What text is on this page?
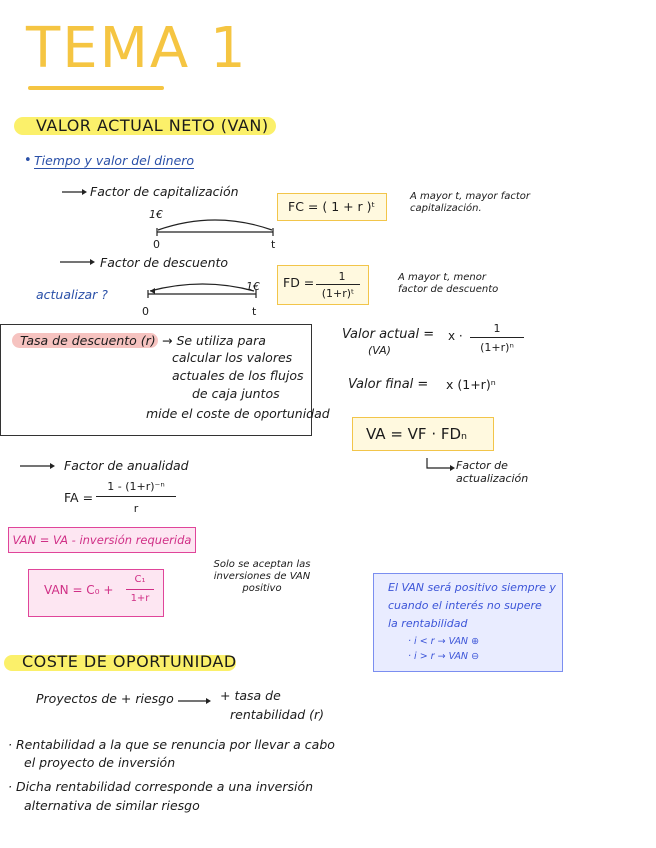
TEMA 1
VALOR ACTUAL NETO (VAN)
• Tiempo y valor del dinero
Factor de capitalización
1€
0	t
FC = ( 1 + r )ᵗ
A mayor t, mayor factor capitalización.
Factor de descuento
actualizar ?
1€
0	t
FD =	1
(1+r)ᵗ
A mayor t, menor factor de descuento
Tasa de descuento (r) → Se utiliza para
calcular los valores
actuales de los flujos
de caja juntos
mide el coste de oportunidad
Valor actual =
(VA)
x ·
1
(1+r)ⁿ
Valor final = x (1+r)ⁿ
VA = VF · FDₙ
Factor de actualización
Factor de anualidad
FA =
1 - (1+r)⁻ⁿ
r
VAN = VA - inversión requerida
VAN = C₀ +
C₁
1+r
Solo se aceptan las inversiones de VAN positivo	El VAN será positivo siempre y
cuando el interés no supere
la rentabilidad
· i < r → VAN ⊕
· i > r → VAN ⊖
COSTE DE OPORTUNIDAD
Proyectos de + riesgo	+ tasa de
rentabilidad (r)
· Rentabilidad a la que se renuncia por llevar a cabo
el proyecto de inversión
· Dicha rentabilidad corresponde a una inversión
alternativa de similar riesgo
